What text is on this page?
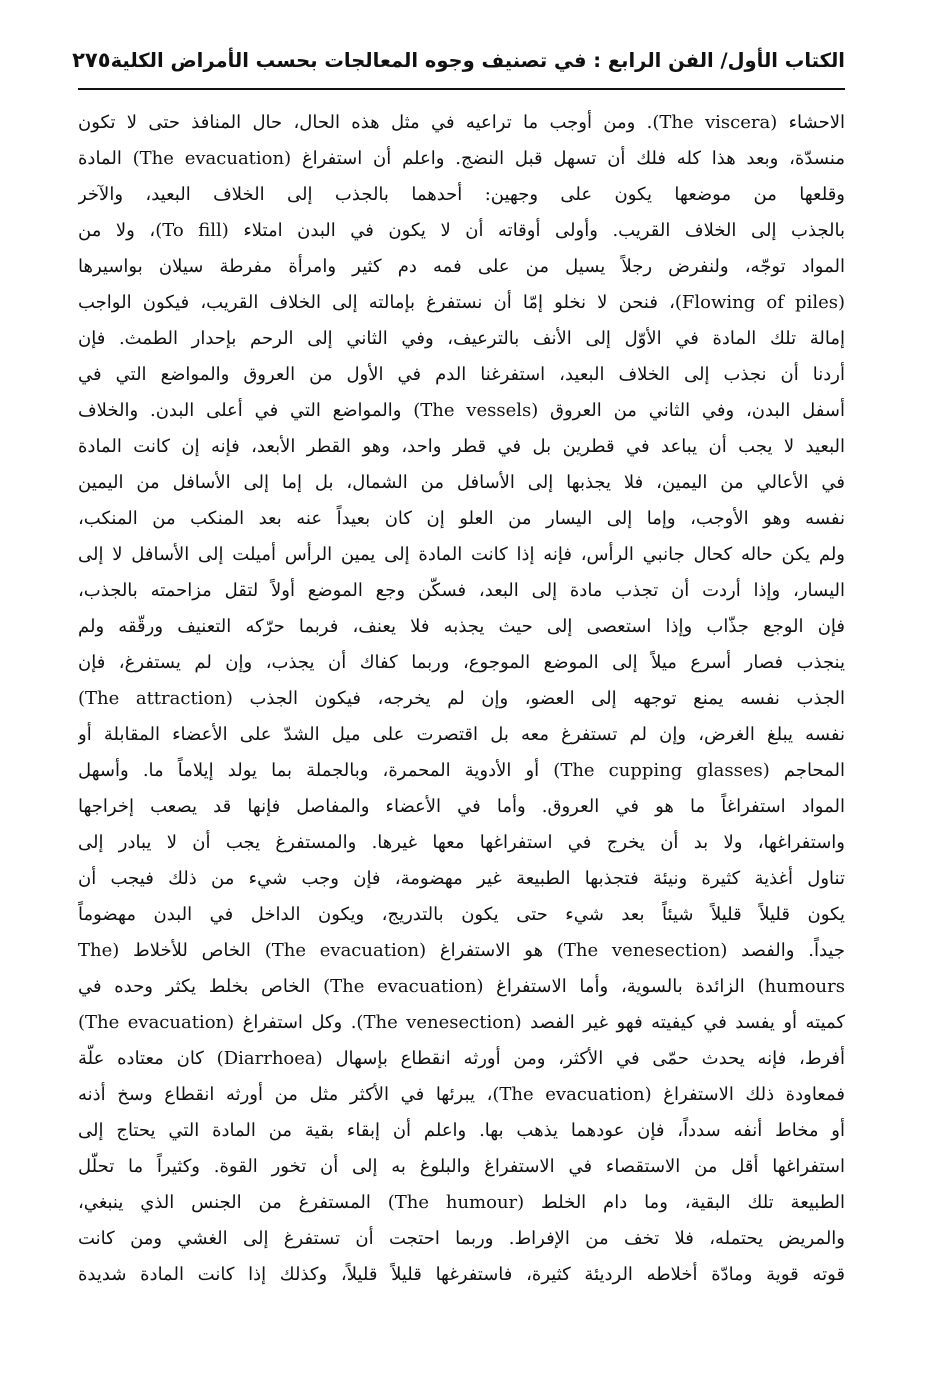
الكتاب الأول/ الفن الرابع : في تصنيف وجوه المعالجات بحسب الأمراض الكلية
٢٧٥
الاحشاء (The viscera). ومن أوجب ما تراعيه في مثل هذه الحال، حال المنافذ حتى لا تكون
منسدّة، وبعد هذا كله فلك أن تسهل قبل النضج. واعلم أن استفراغ (The evacuation) المادة
وقلعها من موضعها يكون على وجهين: أحدهما بالجذب إلى الخلاف البعيد، والآخر
بالجذب إلى الخلاف القريب. وأولى أوقاته أن لا يكون في البدن امتلاء (To fill)، ولا من
المواد توجّه، ولنفرض رجلاً يسيل من على فمه دم كثير وامرأة مفرطة سيلان بواسيرها
(Flowing of piles)، فنحن لا نخلو إمّا أن نستفرغ بإمالته إلى الخلاف القريب، فيكون الواجب
إمالة تلك المادة في الأوّل إلى الأنف بالترعيف، وفي الثاني إلى الرحم بإحدار الطمث. فإن
أردنا أن نجذب إلى الخلاف البعيد، استفرغنا الدم في الأول من العروق والمواضع التي في
أسفل البدن، وفي الثاني من العروق (The vessels) والمواضع التي في أعلى البدن. والخلاف
البعيد لا يجب أن يباعد في قطرين بل في قطر واحد، وهو القطر الأبعد، فإنه إن كانت المادة
في الأعالي من اليمين، فلا يجذبها إلى الأسافل من الشمال، بل إما إلى الأسافل من اليمين
نفسه وهو الأوجب، وإما إلى اليسار من العلو إن كان بعيداً عنه بعد المنكب من المنكب،
ولم يكن حاله كحال جانبي الرأس، فإنه إذا كانت المادة إلى يمين الرأس أميلت إلى الأسافل لا إلى
اليسار، وإذا أردت أن تجذب مادة إلى البعد، فسكّن وجع الموضع أولاً لتقل مزاحمته بالجذب،
فإن الوجع جذّاب وإذا استعصى إلى حيث يجذبه فلا يعنف، فربما حرّكه التعنيف ورقّقه ولم
ينجذب فصار أسرع ميلاً إلى الموضع الموجوع، وربما كفاك أن يجذب، وإن لم يستفرغ، فإن
الجذب نفسه يمنع توجهه إلى العضو، وإن لم يخرجه، فيكون الجذب (The attraction)
نفسه يبلغ الغرض، وإن لم تستفرغ معه بل اقتصرت على ميل الشدّ على الأعضاء المقابلة أو
المحاجم (The cupping glasses) أو الأدوية المحمرة، وبالجملة بما يولد إيلاماً ما. وأسهل
المواد استفراغاً ما هو في العروق. وأما في الأعضاء والمفاصل فإنها قد يصعب إخراجها
واستفراغها، ولا بد أن يخرج في استفراغها معها غيرها. والمستفرغ يجب أن لا يبادر إلى
تناول أغذية كثيرة ونيئة فتجذبها الطبيعة غير مهضومة، فإن وجب شيء من ذلك فيجب أن
يكون قليلاً قليلاً شيئاً بعد شيء حتى يكون بالتدريج، ويكون الداخل في البدن مهضوماً
جيداً. والفصد (The venesection) هو الاستفراغ (The evacuation) الخاص للأخلاط (The
humours) الزائدة بالسوية، وأما الاستفراغ (The evacuation) الخاص بخلط يكثر وحده في
كميته أو يفسد في كيفيته فهو غير الفصد (The venesection). وكل استفراغ (The evacuation)
أفرط، فإنه يحدث حمّى في الأكثر، ومن أورثه انقطاع بإسهال (Diarrhoea) كان معتاده علّة
فمعاودة ذلك الاستفراغ (The evacuation)، يبرئها في الأكثر مثل من أورثه انقطاع وسخ أذنه
أو مخاط أنفه سدداً، فإن عودهما يذهب بها. واعلم أن إبقاء بقية من المادة التي يحتاج إلى
استفراغها أقل من الاستقصاء في الاستفراغ والبلوغ به إلى أن تخور القوة. وكثيراً ما تحلّل
الطبيعة تلك البقية، وما دام الخلط (The humour) المستفرغ من الجنس الذي ينبغي،
والمريض يحتمله، فلا تخف من الإفراط. وربما احتجت أن تستفرغ إلى الغشي ومن كانت
قوته قوية ومادّة أخلاطه الرديئة كثيرة، فاستفرغها قليلاً قليلاً، وكذلك إذا كانت المادة شديدة
